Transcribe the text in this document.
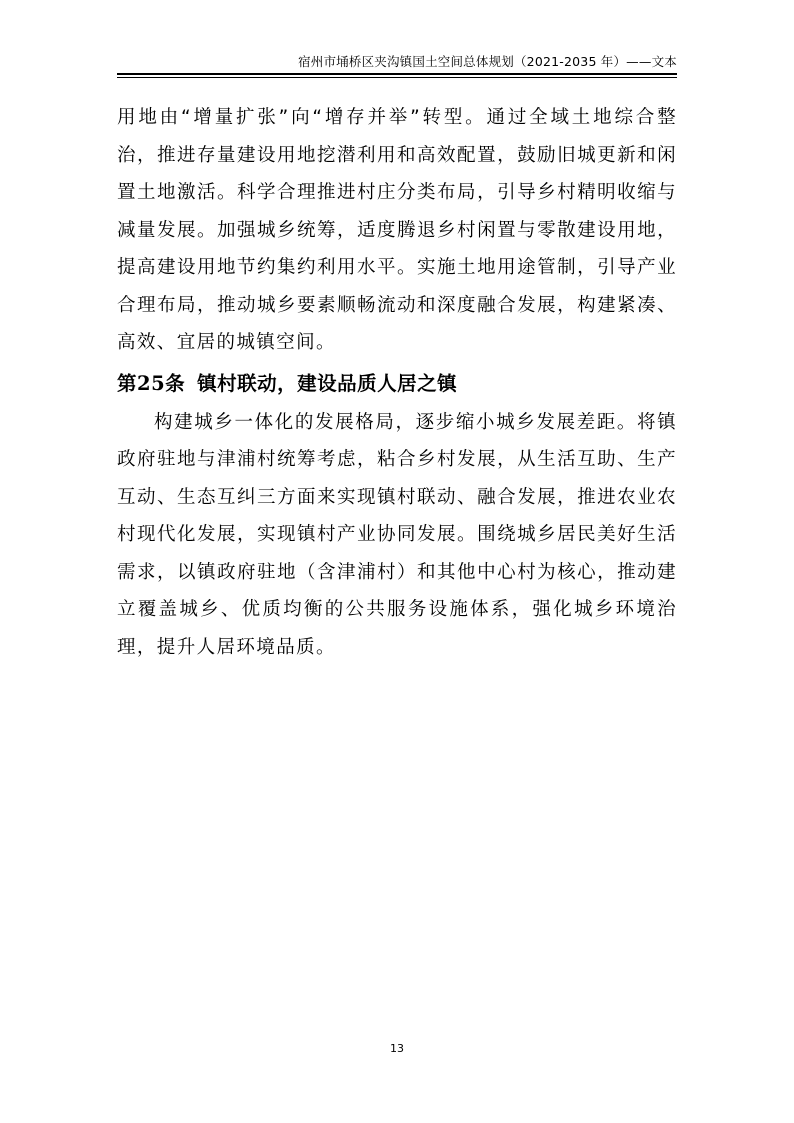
宿州市埇桥区夹沟镇国土空间总体规划（2021-2035 年）——文本

用地由“增量扩张”向“增存并举”转型。通过全域土地综合整治，推进存量建设用地挖潜利用和高效配置，鼓励旧城更新和闲置土地激活。科学合理推进村庄分类布局，引导乡村精明收缩与减量发展。加强城乡统筹，适度腾退乡村闲置与零散建设用地，提高建设用地节约集约利用水平。实施土地用途管制，引导产业合理布局，推动城乡要素顺畅流动和深度融合发展，构建紧凑、高效、宜居的城镇空间。

第25条 镇村联动，建设品质人居之镇

构建城乡一体化的发展格局，逐步缩小城乡发展差距。将镇政府驻地与津浦村统筹考虑，粘合乡村发展，从生活互助、生产互动、生态互纠三方面来实现镇村联动、融合发展，推进农业农村现代化发展，实现镇村产业协同发展。围绕城乡居民美好生活需求，以镇政府驻地（含津浦村）和其他中心村为核心，推动建立覆盖城乡、优质均衡的公共服务设施体系，强化城乡环境治理，提升人居环境品质。

13
